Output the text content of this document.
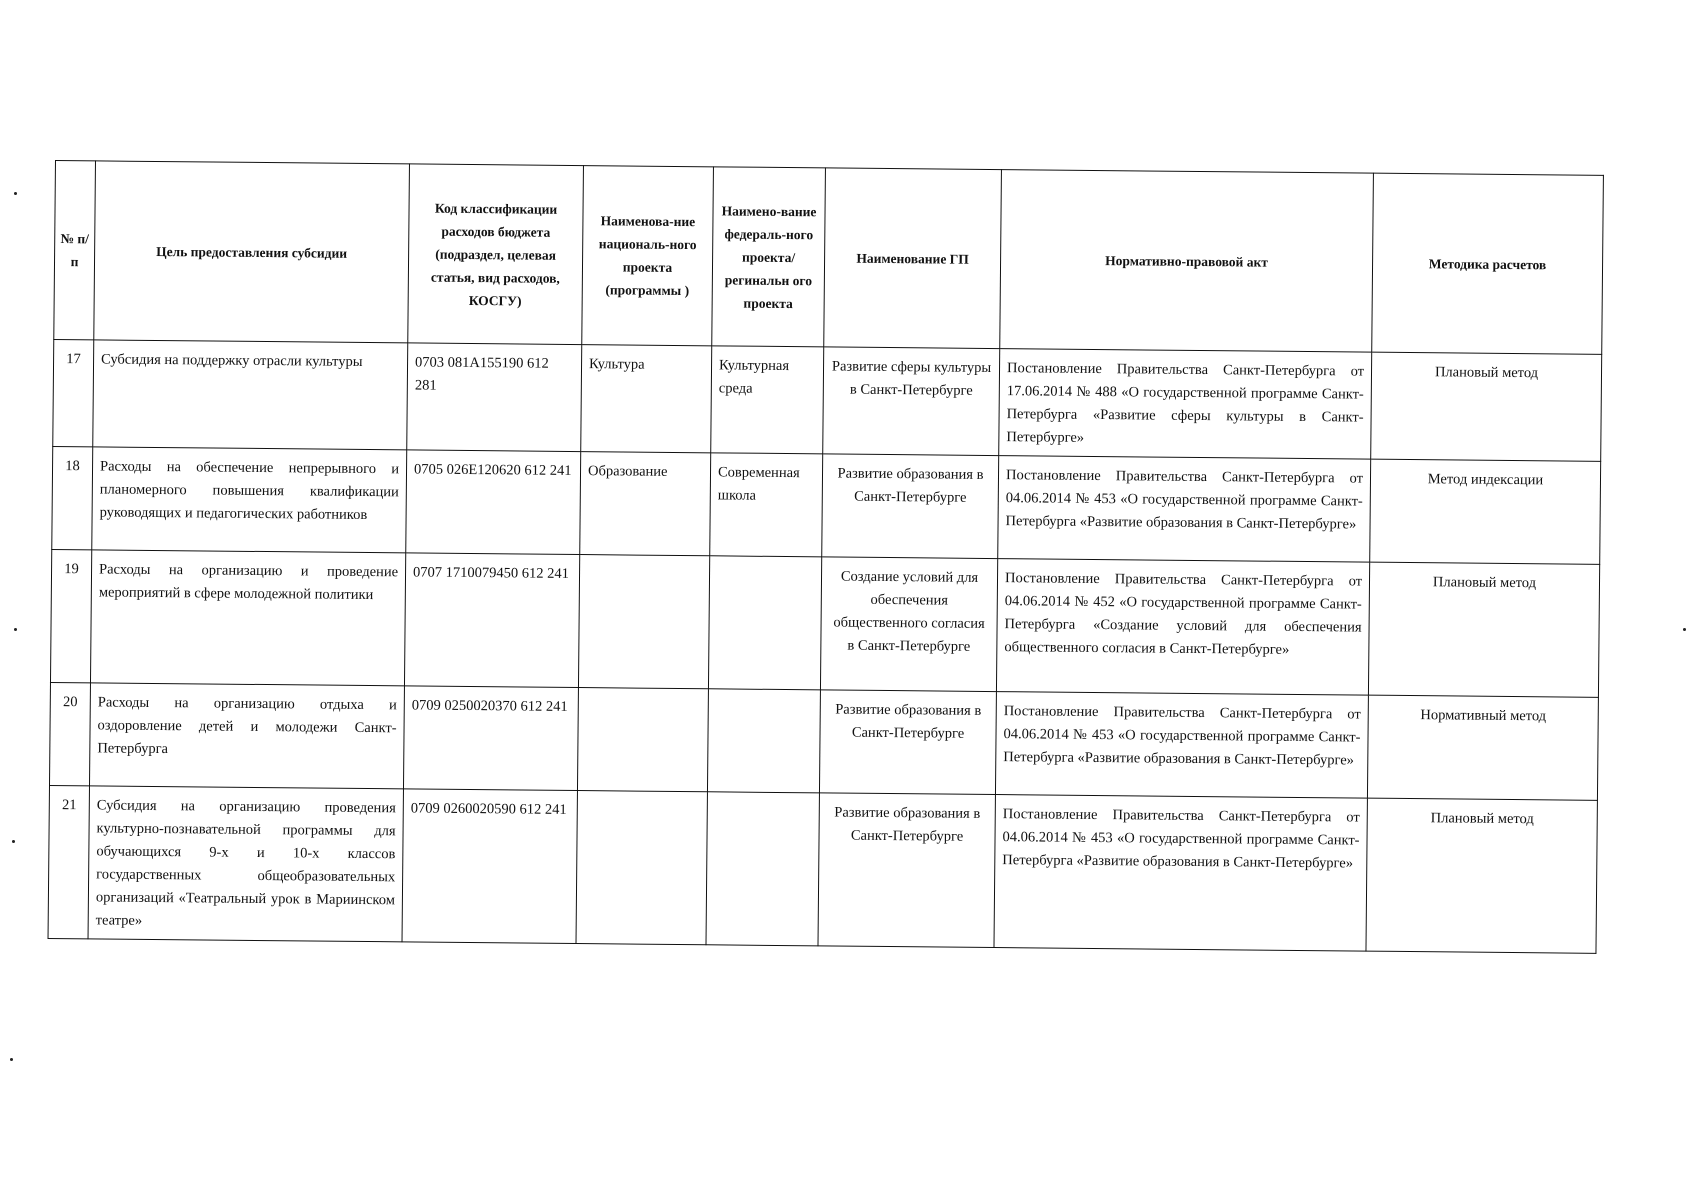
№ п/п	Цель предоставления субсидии	Код классификации расходов бюджета (подраздел, целевая статья, вид расходов, КОСГУ)	Наименова-ние националь-ного проекта (программы )	Наимено-вание федераль-ного проекта/ регинальн ого проекта	Наименование ГП	Нормативно-правовой акт	Методика расчетов
17	Субсидия на поддержку отрасли культуры	0703 081А155190 612 281	Культура	Культурная среда	Развитие сферы культуры в Санкт-Петербурге	Постановление Правительства Санкт-Петербурга от 17.06.2014 № 488 «О государственной программе Санкт-Петербурга «Развитие сферы культуры в Санкт-Петербурге»	Плановый метод
18	Расходы на обеспечение непрерывного и планомерного повышения квалификации руководящих и педагогических работников	0705 026Е120620 612 241	Образование	Современная школа	Развитие образования в Санкт-Петербурге	Постановление Правительства Санкт-Петербурга от 04.06.2014 № 453 «О государственной программе Санкт-Петербурга «Развитие образования в Санкт-Петербурге»	Метод индексации
19	Расходы на организацию и проведение мероприятий в сфере молодежной политики	0707 1710079450 612 241			Создание условий для обеспечения общественного согласия в Санкт-Петербурге	Постановление Правительства Санкт-Петербурга от 04.06.2014 № 452 «О государственной программе Санкт-Петербурга «Создание условий для обеспечения общественного согласия в Санкт-Петербурге»	Плановый метод
20	Расходы на организацию отдыха и оздоровление детей и молодежи Санкт-Петербурга	0709 0250020370 612 241			Развитие образования в Санкт-Петербурге	Постановление Правительства Санкт-Петербурга от 04.06.2014 № 453 «О государственной программе Санкт-Петербурга «Развитие образования в Санкт-Петербурге»	Нормативный метод
21	Субсидия на организацию проведения культурно-познавательной программы для обучающихся 9-х и 10-х классов государственных общеобразовательных организаций «Театральный урок в Мариинском театре»	0709 0260020590 612 241			Развитие образования в Санкт-Петербурге	Постановление Правительства Санкт-Петербурга от 04.06.2014 № 453 «О государственной программе Санкт-Петербурга «Развитие образования в Санкт-Петербурге»	Плановый метод
